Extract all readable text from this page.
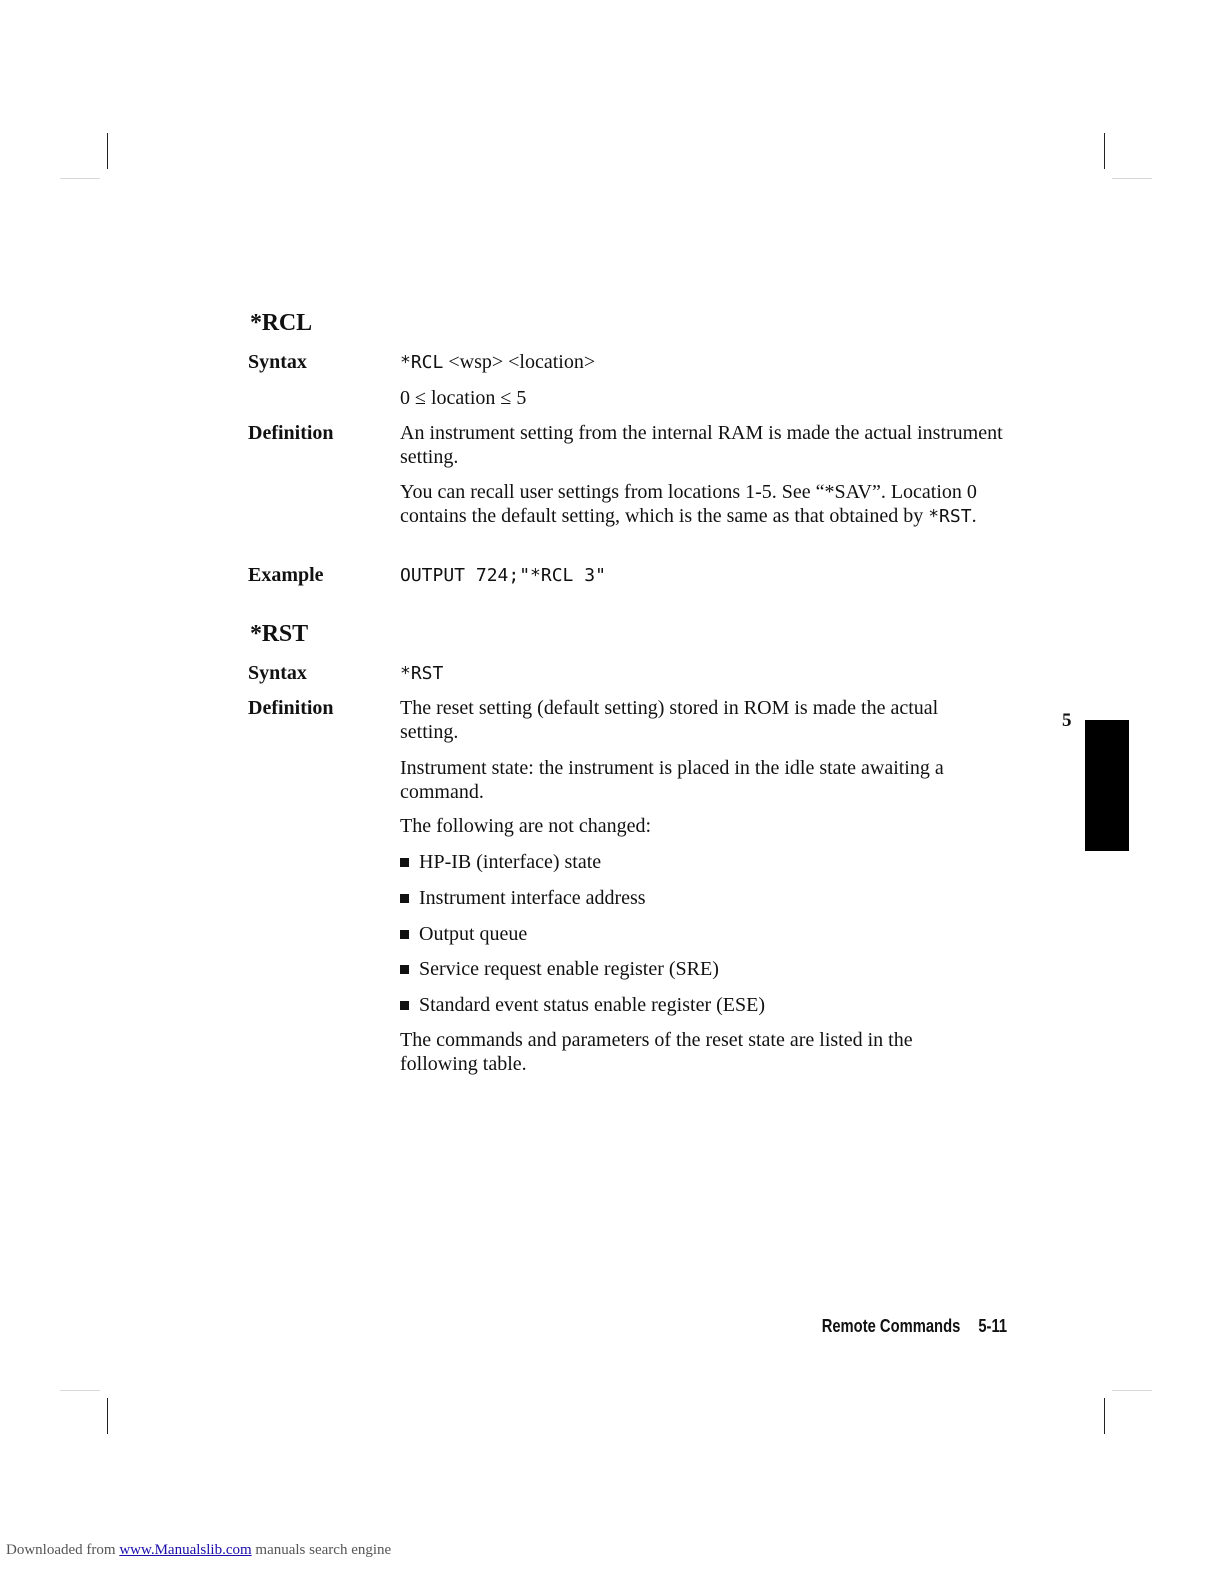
*RCL
Syntax	*RCL <wsp> <location>

0 ≤ location ≤ 5

Definition	An instrument setting from the internal RAM is made the actual instrument setting.

You can recall user settings from locations 1-5. See “*SAV”. Location 0 contains the default setting, which is the same as that obtained by *RST.

Example	OUTPUT 724;"*RCL 3"

*RST
Syntax	*RST

Definition	The reset setting (default setting) stored in ROM is made the actual setting.

Instrument state: the instrument is placed in the idle state awaiting a command.

The following are not changed:

HP-IB (interface) state
Instrument interface address
Output queue
Service request enable register (SRE)
Standard event status enable register (ESE)

The commands and parameters of the reset state are listed in the following table.

5
Remote Commands 5-11
Downloaded from www.Manualslib.com manuals search engine
